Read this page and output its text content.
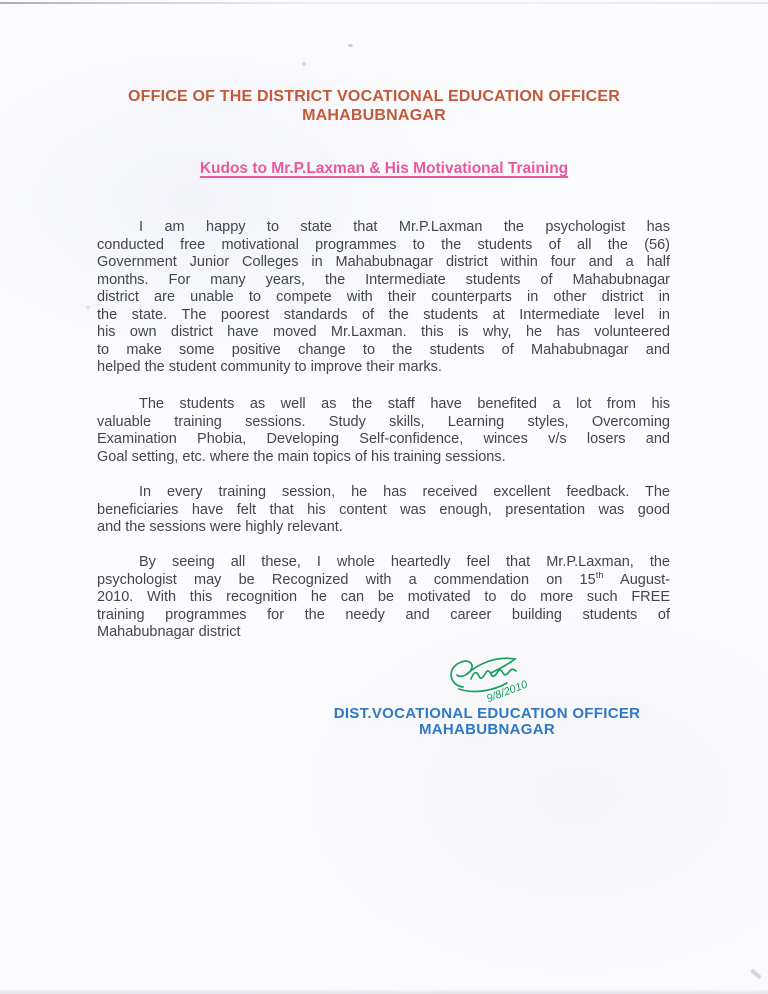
OFFICE OF THE DISTRICT VOCATIONAL EDUCATION OFFICER
MAHABUBNAGAR
Kudos to Mr.P.Laxman & His Motivational Training
I am happy to state that Mr.P.Laxman the psychologist has
conducted free motivational programmes to the students of all the (56)
Government Junior Colleges in Mahabubnagar district within four and a half
months. For many years, the Intermediate students of Mahabubnagar
district are unable to compete with their counterparts in other district in
the state. The poorest standards of the students at Intermediate level in
his own district have moved Mr.Laxman. this is why, he has volunteered
to make some positive change to the students of Mahabubnagar and
helped the student community to improve their marks.
The students as well as the staff have benefited a lot from his
valuable training sessions. Study skills, Learning styles, Overcoming
Examination Phobia, Developing Self-confidence, winces v/s losers and
Goal setting, etc. where the main topics of his training sessions.
In every training session, he has received excellent feedback. The
beneficiaries have felt that his content was enough, presentation was good
and the sessions were highly relevant.
By seeing all these, I whole heartedly feel that Mr.P.Laxman, the
psychologist may be Recognized with a commendation on 15th August-
2010. With this recognition he can be motivated to do more such FREE
training programmes for the needy and career building students of
Mahabubnagar district
9/8/2010
DIST.VOCATIONAL EDUCATION OFFICER
MAHABUBNAGAR
